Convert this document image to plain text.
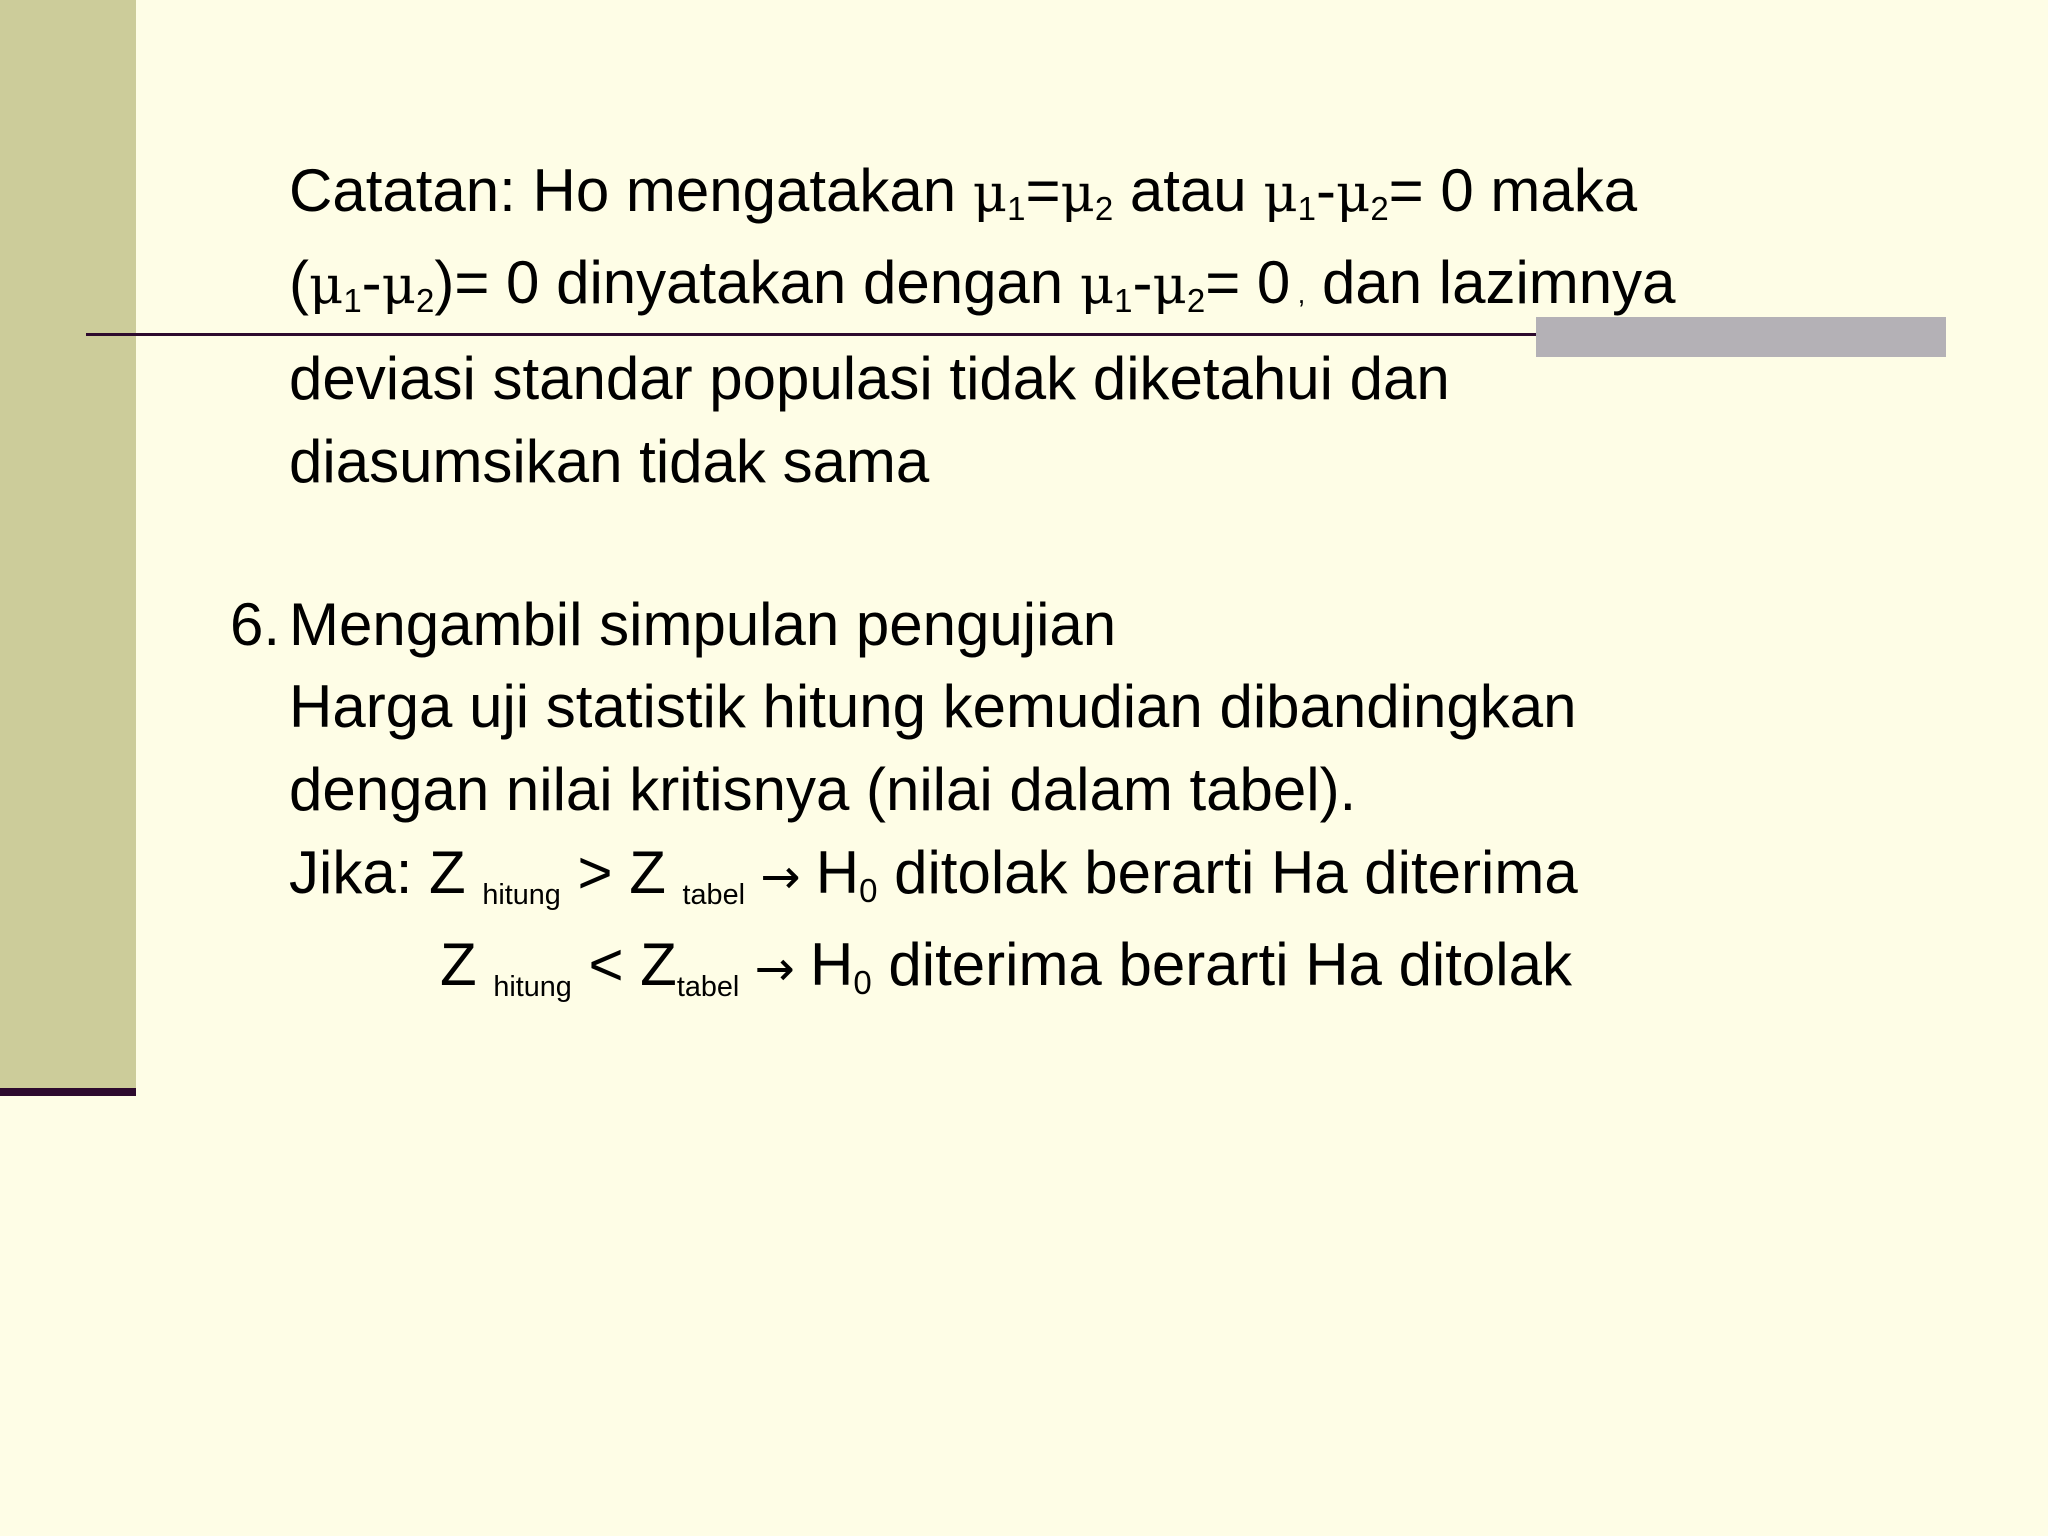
Catatan: Ho mengatakan $\mu_1=\mu_2$ atau $\mu_1-\mu_2= 0$ maka
$(\mu_1-\mu_2)= 0$ dinyatakan dengan $\mu_1-\mu_2= 0$ , dan lazimnya
deviasi standar populasi tidak diketahui dan
diasumsikan tidak sama
6. Mengambil simpulan pengujian
Harga uji statistik hitung kemudian dibandingkan
dengan nilai kritisnya (nilai dalam tabel).
Jika: Z hitung > Z tabel → $H_0$ ditolak berarti Ha diterima
Z hitung < Ztabel → $H_0$ diterima berarti Ha ditolak
